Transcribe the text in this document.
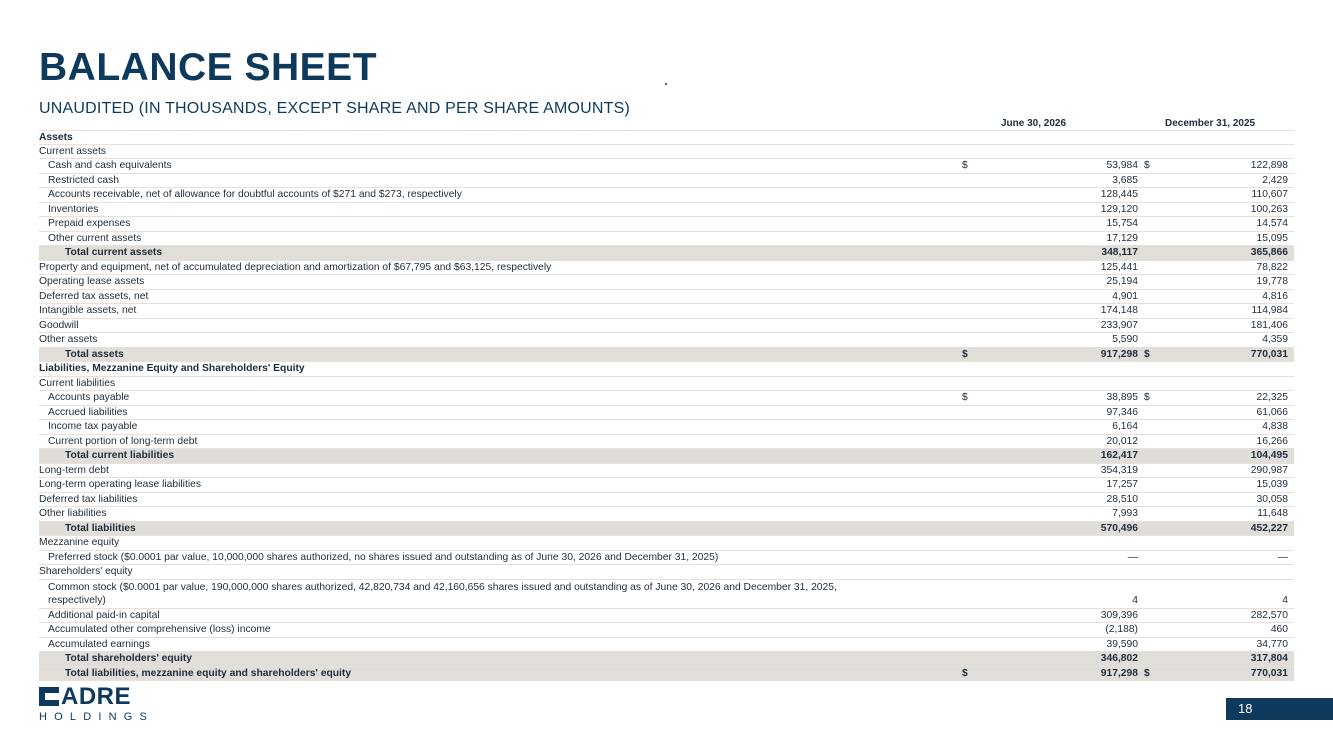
BALANCE SHEET
UNAUDITED (IN THOUSANDS, EXCEPT SHARE AND PER SHARE AMOUNTS)
June 30, 2026	December 31, 2025
Assets
Current assets
Cash and cash equivalents	$	53,984 $	122,898
Restricted cash	3,685	2,429
Accounts receivable, net of allowance for doubtful accounts of $271 and $273, respectively	128,445	110,607
Inventories	129,120	100,263
Prepaid expenses	15,754	14,574
Other current assets	17,129	15,095
Total current assets	348,117	365,866
Property and equipment, net of accumulated depreciation and amortization of $67,795 and $63,125, respectively	125,441	78,822
Operating lease assets	25,194	19,778
Deferred tax assets, net	4,901	4,816
Intangible assets, net	174,148	114,984
Goodwill	233,907	181,406
Other assets	5,590	4,359
Total assets	$	917,298 $	770,031
Liabilities, Mezzanine Equity and Shareholders' Equity
Current liabilities
Accounts payable	$	38,895 $	22,325
Accrued liabilities	97,346	61,066
Income tax payable	6,164	4,838
Current portion of long-term debt	20,012	16,266
Total current liabilities	162,417	104,495
Long-term debt	354,319	290,987
Long-term operating lease liabilities	17,257	15,039
Deferred tax liabilities	28,510	30,058
Other liabilities	7,993	11,648
Total liabilities	570,496	452,227
Mezzanine equity
Preferred stock ($0.0001 par value, 10,000,000 shares authorized, no shares issued and outstanding as of June 30, 2026 and December 31, 2025)	—	—
Shareholders' equity
Common stock ($0.0001 par value, 190,000,000 shares authorized, 42,820,734 and 42,160,656 shares issued and outstanding as of June 30, 2026 and December 31, 2025, respectively)	4	4
Additional paid-in capital	309,396	282,570
Accumulated other comprehensive (loss) income	(2,188)	460
Accumulated earnings	39,590	34,770
Total shareholders' equity	346,802	317,804
Total liabilities, mezzanine equity and shareholders' equity	$	917,298 $	770,031
ADRE
HOLDINGS
18
